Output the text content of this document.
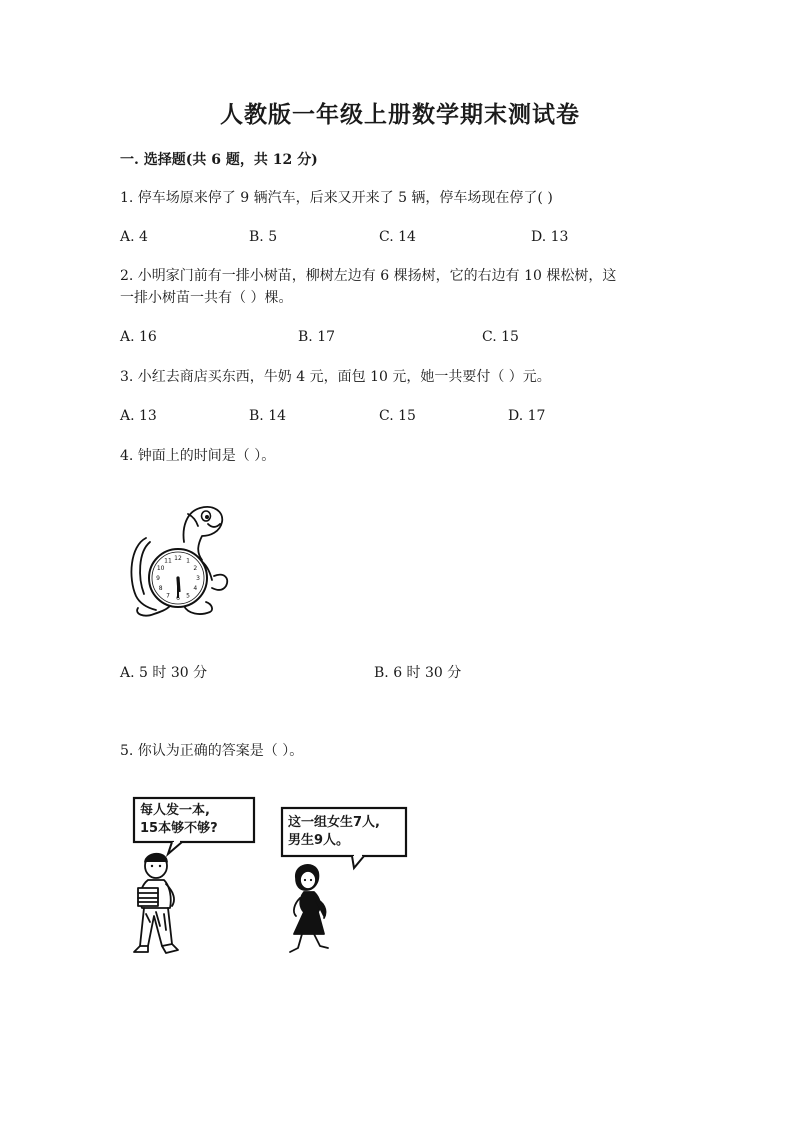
人教版一年级上册数学期末测试卷
一. 选择题(共 6 题，共 12 分)
1. 停车场原来停了 9 辆汽车，后来又开来了 5 辆，停车场现在停了( )
A. 4	B. 5	C. 14	D. 13
2. 小明家门前有一排小树苗，柳树左边有 6 棵扬树，它的右边有 10 棵松树，这
一排小树苗一共有（ ）棵。
A. 16	B. 17	C. 15
3. 小红去商店买东西，牛奶 4 元，面包 10 元，她一共要付（ ）元。
A. 13	B. 14	C. 15	D. 17
4. 钟面上的时间是（ ）。
12 1
2
3
4
5
6
7
8
9
10
11
A. 5 时 30 分	B. 6 时 30 分
5. 你认为正确的答案是（ ）。
每人发一本,
15本够不够?	这一组女生7人,
男生9人。
